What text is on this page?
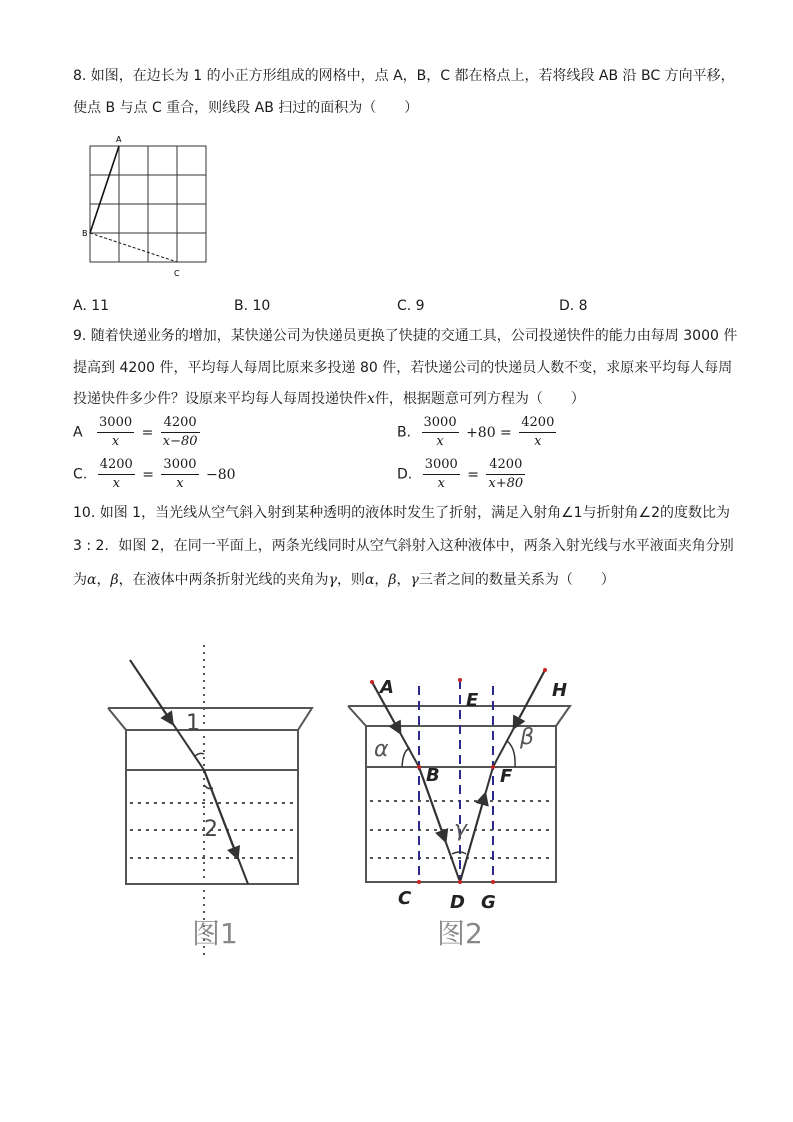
8. 如图，在边长为 1 的小正方形组成的网格中，点 A，B，C 都在格点上，若将线段 AB 沿 BC 方向平移，
使点 B 与点 C 重合，则线段 AB 扫过的面积为（　　）
A
B
C
A. 11	B. 10	C. 9	D. 8
9. 随着快递业务的增加，某快递公司为快递员更换了快捷的交通工具，公司投递快件的能力由每周 3000 件
提高到 4200 件，平均每人每周比原来多投递 80 件，若快递公司的快递员人数不变，求原来平均每人每周
投递快件多少件？设原来平均每人每周投递快件x件，根据题意可列方程为（　　）
A $\frac{3000}{x} = \frac{4200}{x-80}$	B. $\frac{3000}{x} +80 = \frac{4200}{x}$
C. $\frac{4200}{x} = \frac{3000}{x} -80$	D. $\frac{3000}{x} = \frac{4200}{x+80}$
10. 如图 1，当光线从空气斜入射到某种透明的液体时发生了折射，满足入射角∠1与折射角∠2的度数比为
3 : 2．如图 2，在同一平面上，两条光线同时从空气斜射入这种液体中，两条入射光线与水平液面夹角分别
为α，β，在液体中两条折射光线的夹角为γ，则α，β，γ三者之间的数量关系为（　　）
1
2
图1
A
E	H
B	F
C D G
α	β
γ
图2
